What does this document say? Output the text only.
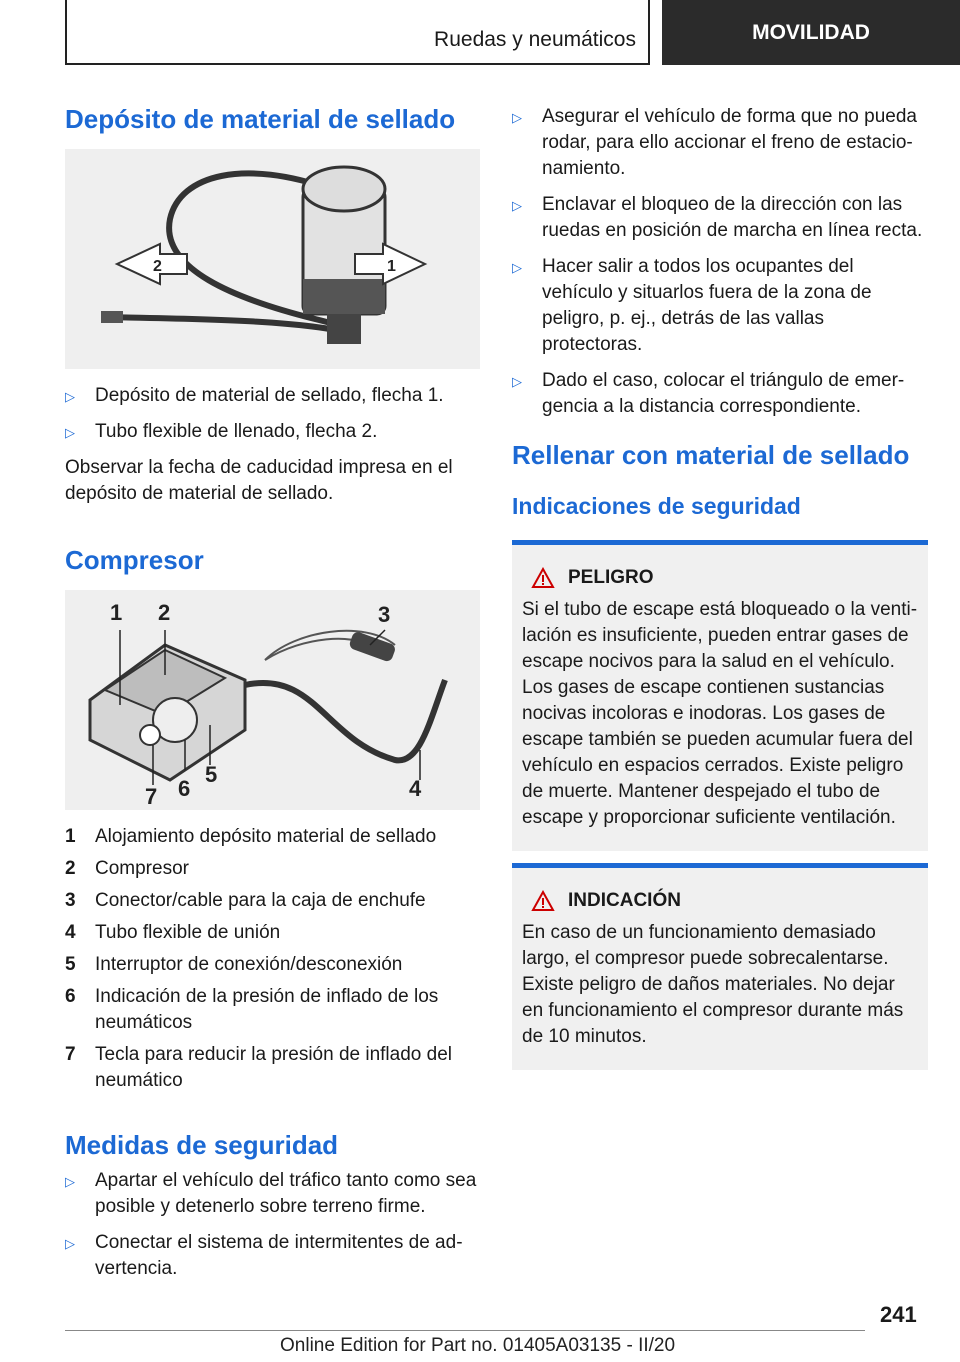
Ruedas y neumáticos	MOVILIDAD
Depósito de material de sellado
2	1
▷	Depósito de material de sellado, flecha 1.
▷	Tubo flexible de llenado, flecha 2.

Observar la fecha de caducidad impresa en el depósito de material de sellado.

Compresor
1 2	3
4
5
6
7
1	Alojamiento depósito material de sellado
2	Compresor
3	Conector/cable para la caja de enchufe
4	Tubo flexible de unión
5	Interruptor de conexión/desconexión
6	Indicación de la presión de inflado de los neumáticos
7	Tecla para reducir la presión de inflado del neumático
Medidas de seguridad
▷	Apartar el vehículo del tráfico tanto como sea posible y detenerlo sobre terreno firme.
▷	Conectar el sistema de intermitentes de advertencia.
▷	Asegurar el vehículo de forma que no pueda rodar, para ello accionar el freno de estacionamiento.
▷	Enclavar el bloqueo de la dirección con las ruedas en posición de marcha en línea recta.
▷	Hacer salir a todos los ocupantes del vehículo y situarlos fuera de la zona de peligro, p. ej., detrás de las vallas protectoras.
▷	Dado el caso, colocar el triángulo de emergencia a la distancia correspondiente.
Rellenar con material de sellado
Indicaciones de seguridad
PELIGRO

Si el tubo de escape está bloqueado o la ventilación es insuficiente, pueden entrar gases de escape nocivos para la salud en el vehículo. Los gases de escape contienen sustancias nocivas incoloras e inodoras. Los gases de escape también se pueden acumular fuera del vehículo en espacios cerrados. Existe peligro de muerte. Mantener despejado el tubo de escape y proporcionar suficiente ventilación.

INDICACIÓN

En caso de un funcionamiento demasiado largo, el compresor puede sobrecalentarse. Existe peligro de daños materiales. No dejar en funcionamiento el compresor durante más de 10 minutos.

241
Online Edition for Part no. 01405A03135 - II/20
